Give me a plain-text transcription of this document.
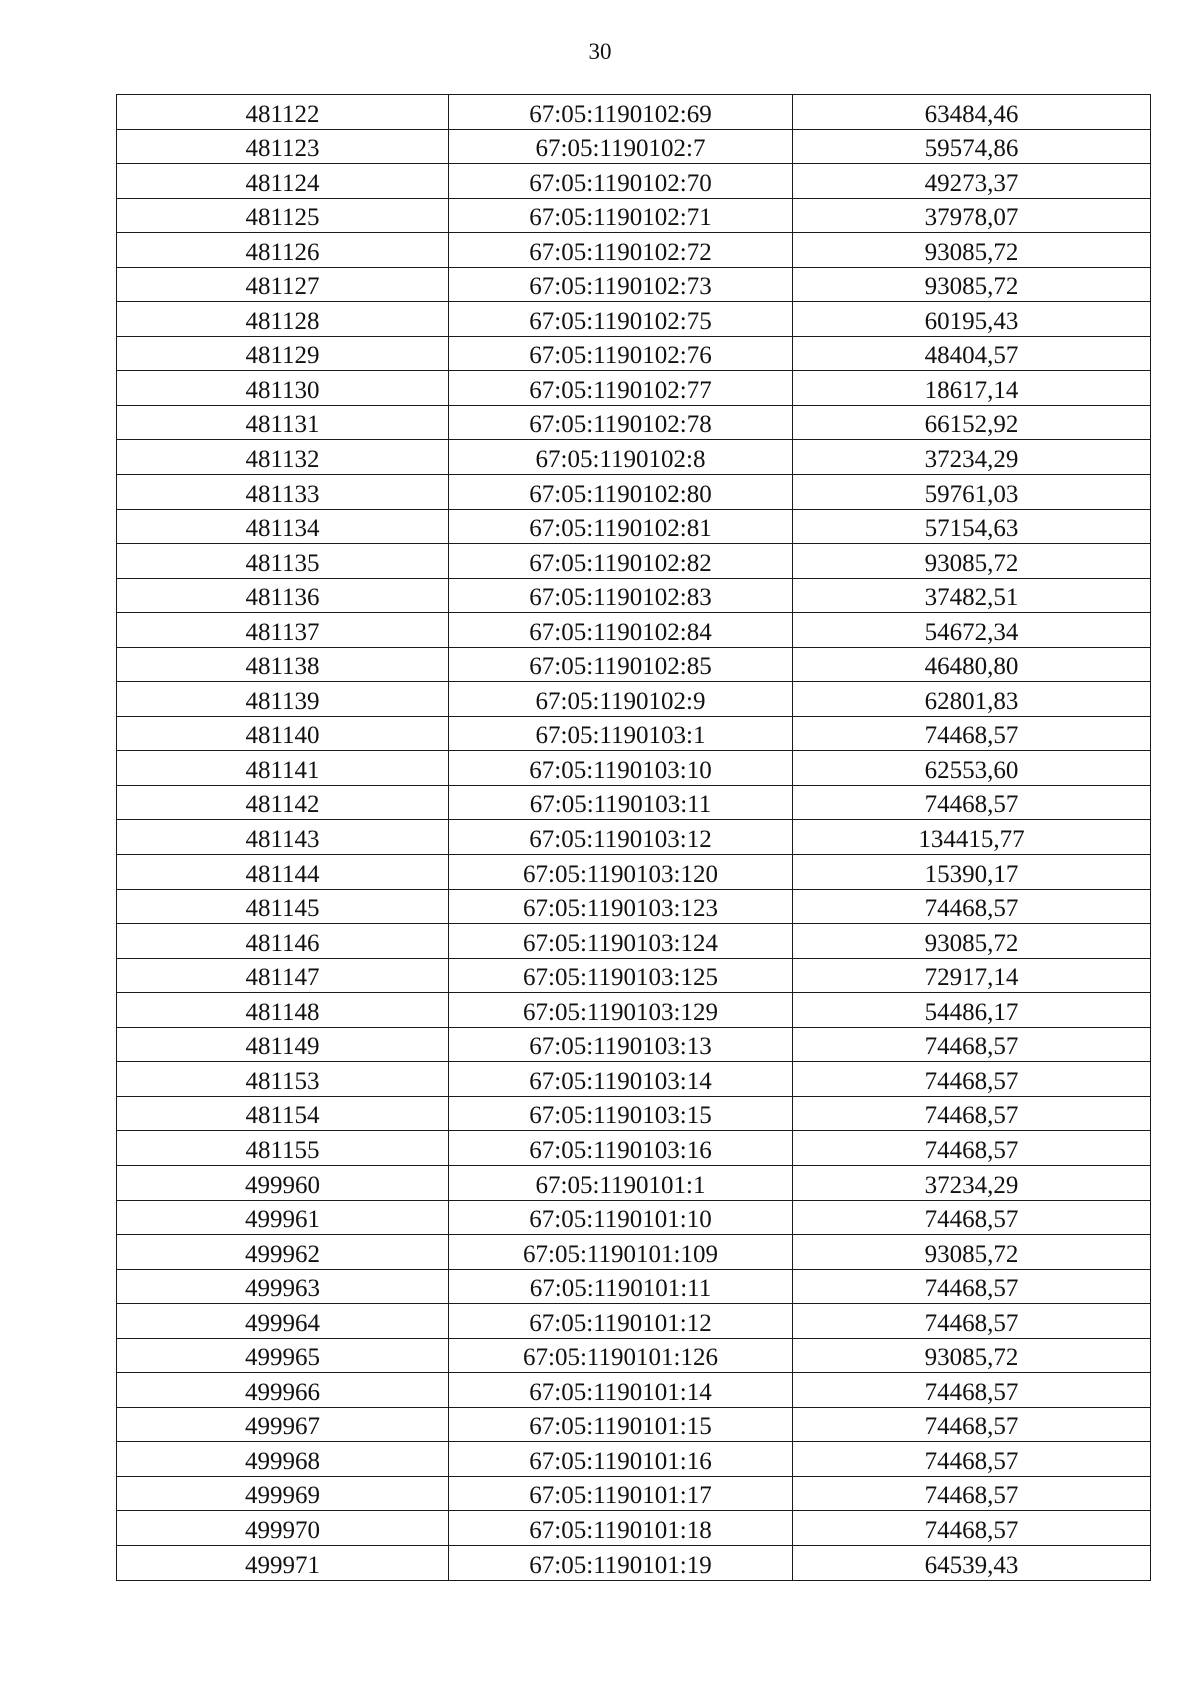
30
481122	67:05:1190102:69	63484,46
481123	67:05:1190102:7	59574,86
481124	67:05:1190102:70	49273,37
481125	67:05:1190102:71	37978,07
481126	67:05:1190102:72	93085,72
481127	67:05:1190102:73	93085,72
481128	67:05:1190102:75	60195,43
481129	67:05:1190102:76	48404,57
481130	67:05:1190102:77	18617,14
481131	67:05:1190102:78	66152,92
481132	67:05:1190102:8	37234,29
481133	67:05:1190102:80	59761,03
481134	67:05:1190102:81	57154,63
481135	67:05:1190102:82	93085,72
481136	67:05:1190102:83	37482,51
481137	67:05:1190102:84	54672,34
481138	67:05:1190102:85	46480,80
481139	67:05:1190102:9	62801,83
481140	67:05:1190103:1	74468,57
481141	67:05:1190103:10	62553,60
481142	67:05:1190103:11	74468,57
481143	67:05:1190103:12	134415,77
481144	67:05:1190103:120	15390,17
481145	67:05:1190103:123	74468,57
481146	67:05:1190103:124	93085,72
481147	67:05:1190103:125	72917,14
481148	67:05:1190103:129	54486,17
481149	67:05:1190103:13	74468,57
481153	67:05:1190103:14	74468,57
481154	67:05:1190103:15	74468,57
481155	67:05:1190103:16	74468,57
499960	67:05:1190101:1	37234,29
499961	67:05:1190101:10	74468,57
499962	67:05:1190101:109	93085,72
499963	67:05:1190101:11	74468,57
499964	67:05:1190101:12	74468,57
499965	67:05:1190101:126	93085,72
499966	67:05:1190101:14	74468,57
499967	67:05:1190101:15	74468,57
499968	67:05:1190101:16	74468,57
499969	67:05:1190101:17	74468,57
499970	67:05:1190101:18	74468,57
499971	67:05:1190101:19	64539,43
